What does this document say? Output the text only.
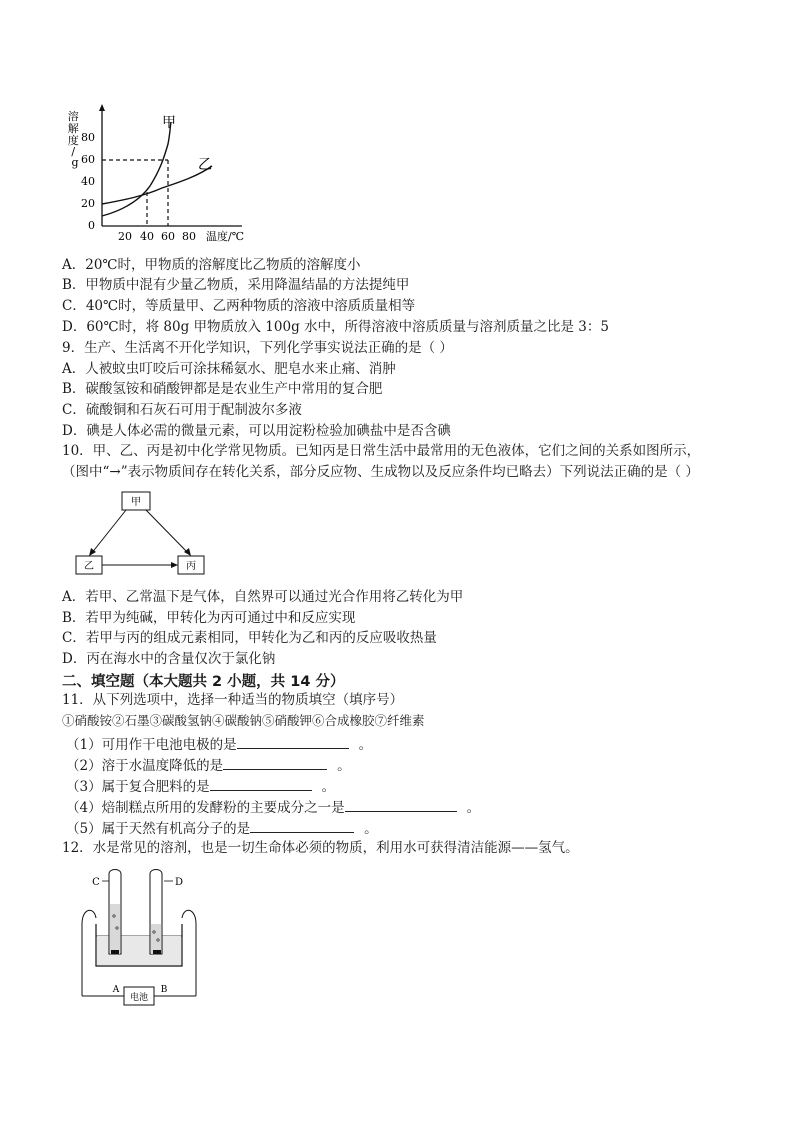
溶 解 度 / g
80
60
40
20
0
20 40 60 80 温度/℃
甲
乙
A．20℃时，甲物质的溶解度比乙物质的溶解度小
B．甲物质中混有少量乙物质，采用降温结晶的方法提纯甲
C．40℃时，等质量甲、乙两种物质的溶液中溶质质量相等
D．60℃时，将 80g 甲物质放入 100g 水中，所得溶液中溶质质量与溶剂质量之比是 3：5
9．生产、生活离不开化学知识，下列化学事实说法正确的是（ ）
A．人被蚊虫叮咬后可涂抹稀氨水、肥皂水来止痛、消肿
B．碳酸氢铵和硝酸钾都是是农业生产中常用的复合肥
C．硫酸铜和石灰石可用于配制波尔多液
D．碘是人体必需的微量元素，可以用淀粉检验加碘盐中是否含碘
10．甲、乙、丙是初中化学常见物质。已知丙是日常生活中最常用的无色液体，它们之间的关系如图所示，
（图中“→”表示物质间存在转化关系，部分反应物、生成物以及反应条件均已略去）下列说法正确的是（ ）
甲
乙	丙
A．若甲、乙常温下是气体，自然界可以通过光合作用将乙转化为甲
B．若甲为纯碱，甲转化为丙可通过中和反应实现
C．若甲与丙的组成元素相同，甲转化为乙和丙的反应吸收热量
D．丙在海水中的含量仅次于氯化钠
二、填空题（本大题共 2 小题，共 14 分）
11．从下列选项中，选择一种适当的物质填空（填序号）
①硝酸铵②石墨③碳酸氢钠④碳酸钠⑤硝酸钾⑥合成橡胶⑦纤维素
（1）可用作干电池电极的是	。
（2）溶于水温度降低的是	。
（3）属于复合肥料的是	。
（4）焙制糕点所用的发酵粉的主要成分之一是	。
（5）属于天然有机高分子的是	。
12．水是常见的溶剂，也是一切生命体必须的物质，利用水可获得清洁能源——氢气。
C	D
电池
A	B
